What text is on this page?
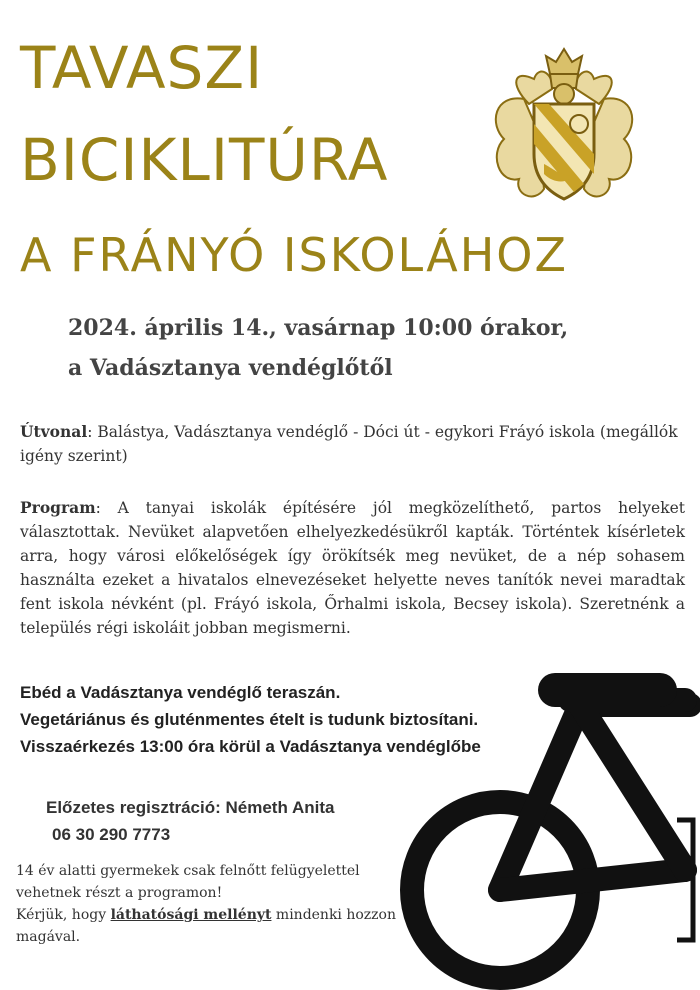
TAVASZI
BICIKLITÚRA
A FRÁNYÓ ISKOLÁHOZ
2024. április 14., vasárnap 10:00 órakor,
a Vadásztanya vendéglőtől
Útvonal: Balástya, Vadásztanya vendéglő - Dóci út - egykori Fráyó iskola (megállók igény szerint)
Program: A tanyai iskolák építésére jól megközelíthető, partos helyeket választottak. Nevüket alapvetően elhelyezkedésükről kapták. Történtek kísérletek arra, hogy városi előkelőségek így örökítsék meg nevüket, de a nép sohasem használta ezeket a hivatalos elnevezéseket helyette neves tanítók nevei maradtak fent iskola névként (pl. Fráyó iskola, Őrhalmi iskola, Becsey iskola). Szeretnénk a település régi iskoláit jobban megismerni.
Ebéd a Vadásztanya vendéglő teraszán.
Vegetáriánus és gluténmentes ételt is tudunk biztosítani.
Visszaérkezés 13:00 óra körül a Vadásztanya vendéglőbe
Előzetes regisztráció: Németh Anita
06 30 290 7773
14 év alatti gyermekek csak felnőtt felügyelettel vehetnek részt a programon!
Kérjük, hogy láthatósági mellényt mindenki hozzon magával.
